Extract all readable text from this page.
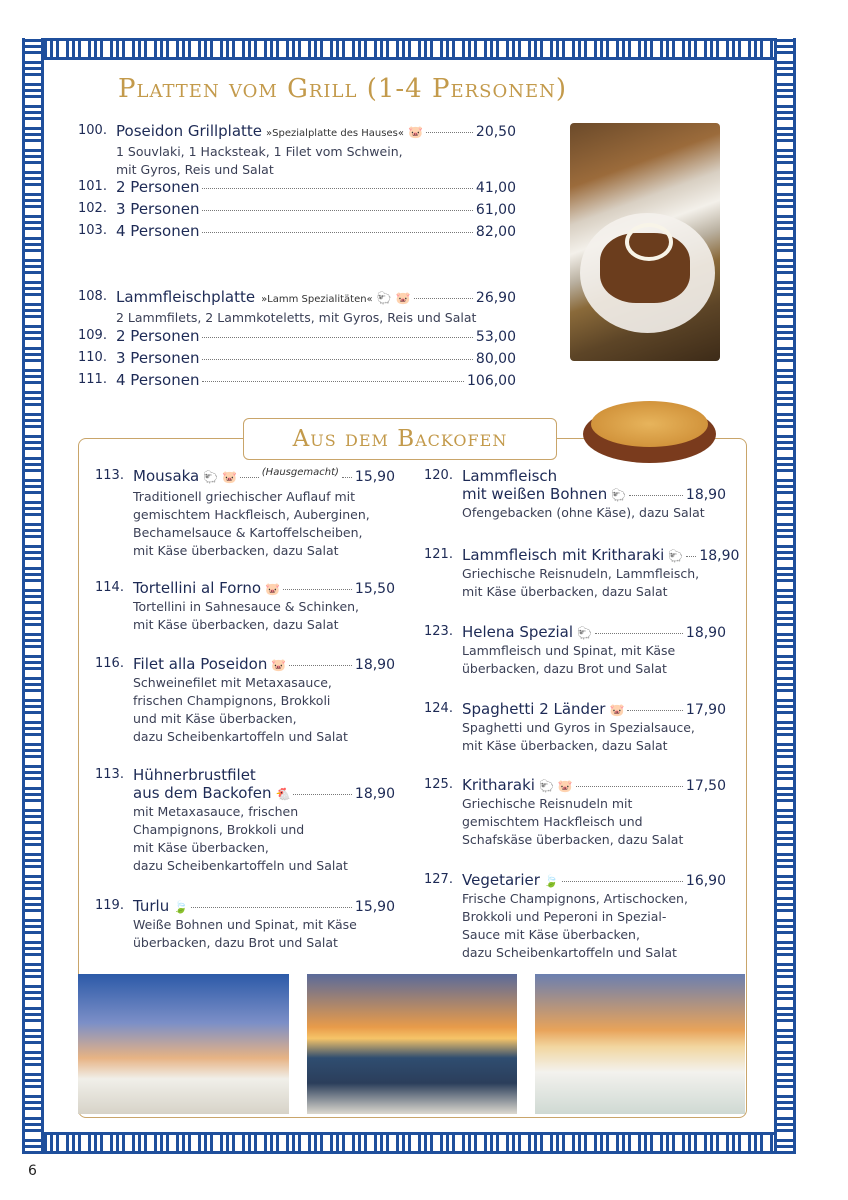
Platten vom Grill (1-4 Personen)
100. Poseidon Grillplatte »Spezialplatte des Hauses« 🐷	20,50
1 Souvlaki, 1 Hacksteak, 1 Filet vom Schwein,
mit Gyros, Reis und Salat
101. 2 Personen	41,00
102. 3 Personen	61,00
103. 4 Personen	82,00
108. Lammfleischplatte »Lamm Spezialitäten« 🐑 🐷	26,90
2 Lammfilets, 2 Lammkoteletts, mit Gyros, Reis und Salat
109. 2 Personen	53,00
110. 3 Personen	80,00
111. 4 Personen	106,00
Aus dem Backofen
113. Mousaka 🐑 🐷 (Hausgemacht) 15,90
Traditionell griechischer Auflauf mit
gemischtem Hackfleisch, Auberginen,
Bechamelsauce & Kartoffelscheiben,
mit Käse überbacken, dazu Salat
114. Tortellini al Forno 🐷	15,50
Tortellini in Sahnesauce & Schinken,
mit Käse überbacken, dazu Salat
116. Filet alla Poseidon 🐷	18,90
Schweinefilet mit Metaxasauce,
frischen Champignons, Brokkoli
und mit Käse überbacken,
dazu Scheibenkartoffeln und Salat
113. Hühnerbrustfilet
aus dem Backofen 🐔	18,90
mit Metaxasauce, frischen
Champignons, Brokkoli und
mit Käse überbacken,
dazu Scheibenkartoffeln und Salat
119. Turlu 🍃	15,90
Weiße Bohnen und Spinat, mit Käse
überbacken, dazu Brot und Salat
120. Lammfleisch
mit weißen Bohnen 🐑	18,90
Ofengebacken (ohne Käse), dazu Salat
121. Lammfleisch mit Kritharaki 🐑 18,90
Griechische Reisnudeln, Lammfleisch,
mit Käse überbacken, dazu Salat
123. Helena Spezial 🐑	18,90
Lammfleisch und Spinat, mit Käse
überbacken, dazu Brot und Salat
124. Spaghetti 2 Länder 🐷	17,90
Spaghetti und Gyros in Spezialsauce,
mit Käse überbacken, dazu Salat
125. Kritharaki 🐑 🐷	17,50
Griechische Reisnudeln mit
gemischtem Hackfleisch und
Schafskäse überbacken, dazu Salat
127. Vegetarier 🍃	16,90
Frische Champignons, Artischocken,
Brokkoli und Peperoni in Spezial-
Sauce mit Käse überbacken,
dazu Scheibenkartoffeln und Salat
6
